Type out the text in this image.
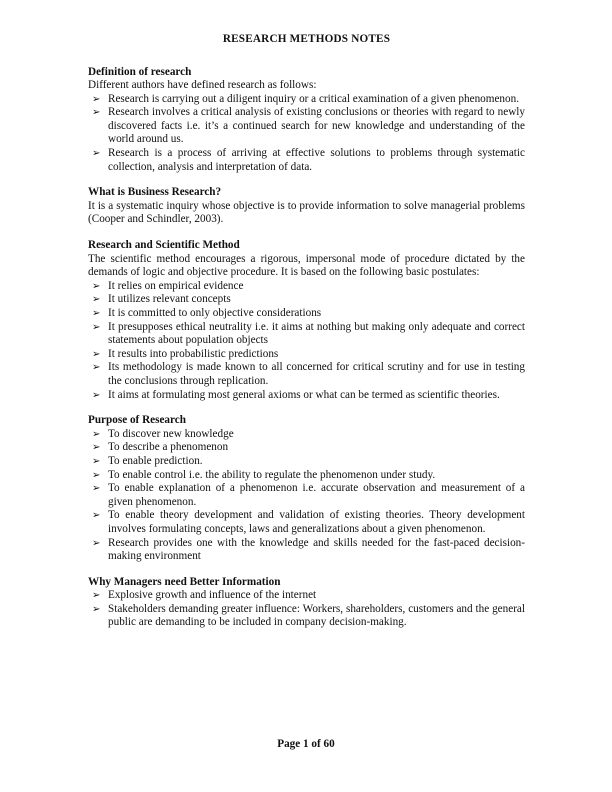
RESEARCH METHODS NOTES
Definition of research
Different authors have defined research as follows:
➢ Research is carrying out a diligent inquiry or a critical examination of a given phenomenon.
➢ Research involves a critical analysis of existing conclusions or theories with regard to newly discovered facts i.e. it’s a continued search for new knowledge and understanding of the world around us.
➢ Research is a process of arriving at effective solutions to problems through systematic collection, analysis and interpretation of data.
What is Business Research?
It is a systematic inquiry whose objective is to provide information to solve managerial problems (Cooper and Schindler, 2003).
Research and Scientific Method
The scientific method encourages a rigorous, impersonal mode of procedure dictated by the demands of logic and objective procedure. It is based on the following basic postulates:
➢ It relies on empirical evidence
➢ It utilizes relevant concepts
➢ It is committed to only objective considerations
➢ It presupposes ethical neutrality i.e. it aims at nothing but making only adequate and correct statements about population objects
➢ It results into probabilistic predictions
➢ Its methodology is made known to all concerned for critical scrutiny and for use in testing the conclusions through replication.
➢ It aims at formulating most general axioms or what can be termed as scientific theories.
Purpose of Research
➢ To discover new knowledge
➢ To describe a phenomenon
➢ To enable prediction.
➢ To enable control i.e. the ability to regulate the phenomenon under study.
➢ To enable explanation of a phenomenon i.e. accurate observation and measurement of a given phenomenon.
➢ To enable theory development and validation of existing theories. Theory development involves formulating concepts, laws and generalizations about a given phenomenon.
➢ Research provides one with the knowledge and skills needed for the fast-paced decision-making environment
Why Managers need Better Information
➢ Explosive growth and influence of the internet
➢ Stakeholders demanding greater influence: Workers, shareholders, customers and the general public are demanding to be included in company decision-making.
Page 1 of 60
